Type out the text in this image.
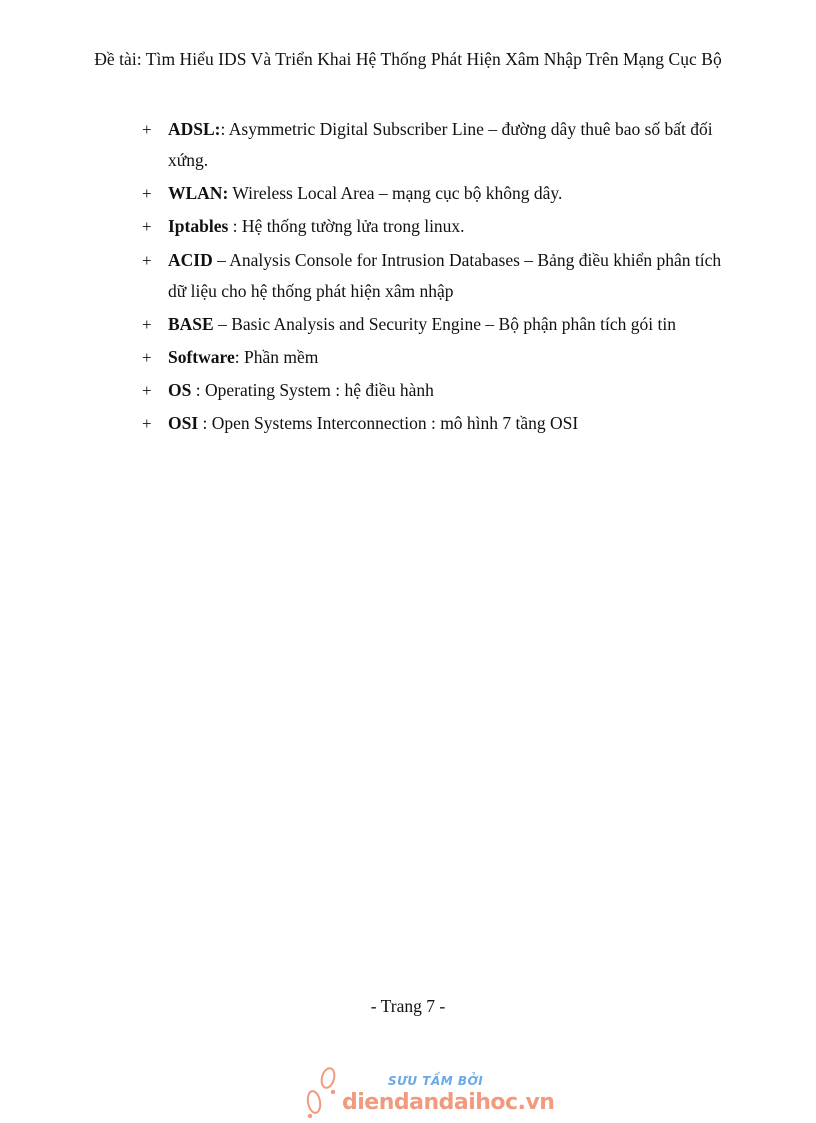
Đề tài: Tìm Hiểu IDS Và Triển Khai Hệ Thống Phát Hiện Xâm Nhập Trên Mạng Cục Bộ
+ ADSL:: Asymmetric Digital Subscriber Line – đường dây thuê bao số bất đối xứng.
+ WLAN: Wireless Local Area – mạng cục bộ không dây.
+ Iptables : Hệ thống tường lửa trong linux.
+ ACID – Analysis Console for Intrusion Databases – Bảng điều khiển phân tích dữ liệu cho hệ thống phát hiện xâm nhập
+ BASE – Basic Analysis and Security Engine – Bộ phận phân tích gói tin
+ Software: Phần mềm
+ OS : Operating System : hệ điều hành
+ OSI : Open Systems Interconnection : mô hình 7 tầng OSI
- Trang 7 -
SƯU TẦM BỞI
diendandaihoc.vn
